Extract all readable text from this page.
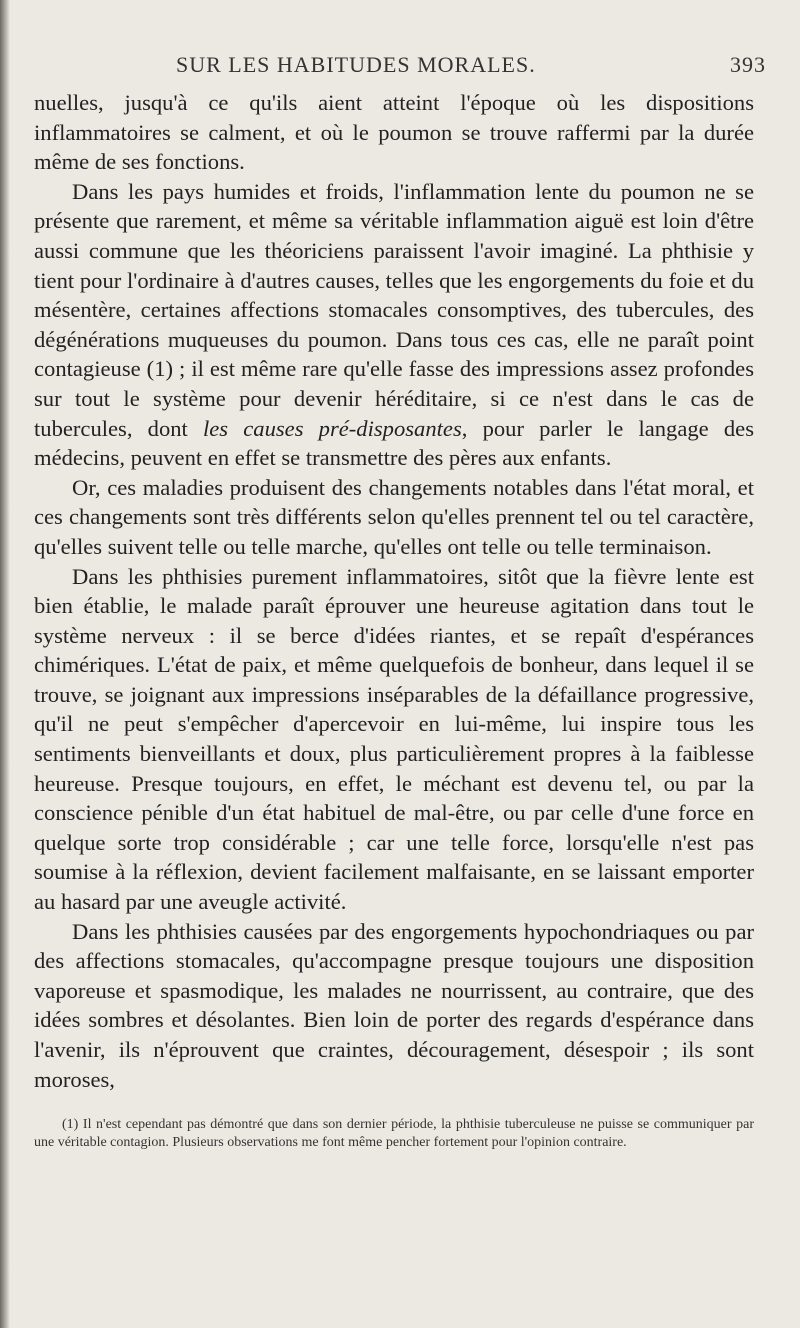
SUR LES HABITUDES MORALES.	393

nuelles, jusqu'à ce qu'ils aient atteint l'époque où les dispositions inflammatoires se calment, et où le poumon se trouve raffermi par la durée même de ses fonctions.

Dans les pays humides et froids, l'inflammation lente du poumon ne se présente que rarement, et même sa véritable inflammation aiguë est loin d'être aussi commune que les théoriciens paraissent l'avoir imaginé. La phthisie y tient pour l'ordinaire à d'autres causes, telles que les engorgements du foie et du mésentère, certaines affections stomacales consomptives, des tubercules, des dégénérations muqueuses du poumon. Dans tous ces cas, elle ne paraît point contagieuse (1) ; il est même rare qu'elle fasse des impressions assez profondes sur tout le système pour devenir héréditaire, si ce n'est dans le cas de tubercules, dont les causes pré-disposantes, pour parler le langage des médecins, peuvent en effet se transmettre des pères aux enfants.

Or, ces maladies produisent des changements notables dans l'état moral, et ces changements sont très différents selon qu'elles prennent tel ou tel caractère, qu'elles suivent telle ou telle marche, qu'elles ont telle ou telle terminaison.

Dans les phthisies purement inflammatoires, sitôt que la fièvre lente est bien établie, le malade paraît éprouver une heureuse agitation dans tout le système nerveux : il se berce d'idées riantes, et se repaît d'espérances chimériques. L'état de paix, et même quelquefois de bonheur, dans lequel il se trouve, se joignant aux impressions inséparables de la défaillance progressive, qu'il ne peut s'empêcher d'apercevoir en lui-même, lui inspire tous les sentiments bienveillants et doux, plus particulièrement propres à la faiblesse heureuse. Presque toujours, en effet, le méchant est devenu tel, ou par la conscience pénible d'un état habituel de mal-être, ou par celle d'une force en quelque sorte trop considérable ; car une telle force, lorsqu'elle n'est pas soumise à la réflexion, devient facilement malfaisante, en se laissant emporter au hasard par une aveugle activité.

Dans les phthisies causées par des engorgements hypochondriaques ou par des affections stomacales, qu'accompagne presque toujours une disposition vaporeuse et spasmodique, les malades ne nourrissent, au contraire, que des idées sombres et désolantes. Bien loin de porter des regards d'espérance dans l'avenir, ils n'éprouvent que craintes, découragement, désespoir ; ils sont moroses,

(1) Il n'est cependant pas démontré que dans son dernier période, la phthisie tuberculeuse ne puisse se communiquer par une véritable contagion. Plusieurs observations me font même pencher fortement pour l'opinion contraire.
